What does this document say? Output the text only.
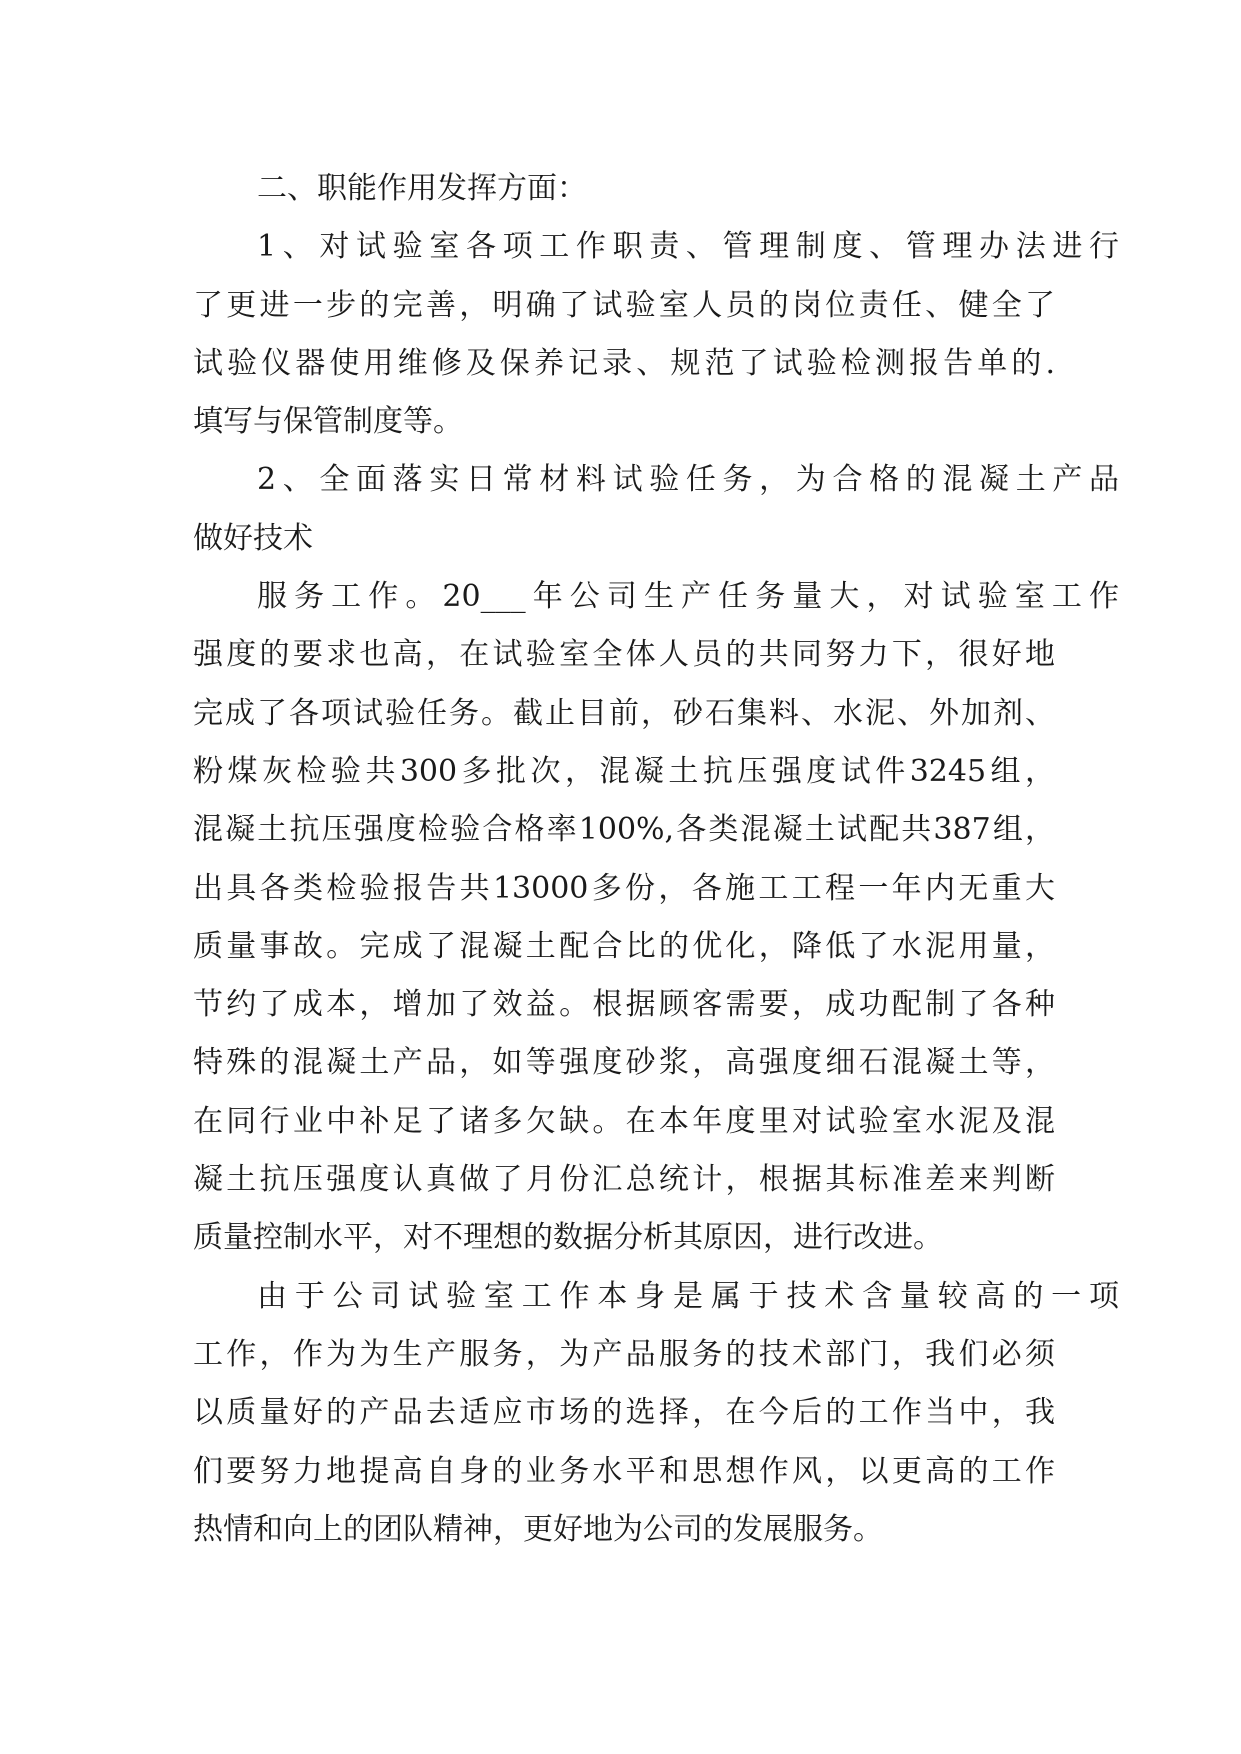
二、职能作用发挥方面：
1、对试验室各项工作职责、管理制度、管理办法进行
了更进一步的完善，明确了试验室人员的岗位责任、健全了
试验仪器使用维修及保养记录、规范了试验检测报告单的.
填写与保管制度等。
2、全面落实日常材料试验任务，为合格的混凝土产品
做好技术
服务工作。20___年公司生产任务量大，对试验室工作
强度的要求也高，在试验室全体人员的共同努力下，很好地
完成了各项试验任务。截止目前，砂石集料、水泥、外加剂、
粉煤灰检验共300多批次，混凝土抗压强度试件3245组，
混凝土抗压强度检验合格率100%,各类混凝土试配共387组，
出具各类检验报告共13000多份，各施工工程一年内无重大
质量事故。完成了混凝土配合比的优化，降低了水泥用量，
节约了成本，增加了效益。根据顾客需要，成功配制了各种
特殊的混凝土产品，如等强度砂浆，高强度细石混凝土等，
在同行业中补足了诸多欠缺。在本年度里对试验室水泥及混
凝土抗压强度认真做了月份汇总统计，根据其标准差来判断
质量控制水平，对不理想的数据分析其原因，进行改进。
由于公司试验室工作本身是属于技术含量较高的一项
工作，作为为生产服务，为产品服务的技术部门，我们必须
以质量好的产品去适应市场的选择，在今后的工作当中，我
们要努力地提高自身的业务水平和思想作风，以更高的工作
热情和向上的团队精神，更好地为公司的发展服务。
